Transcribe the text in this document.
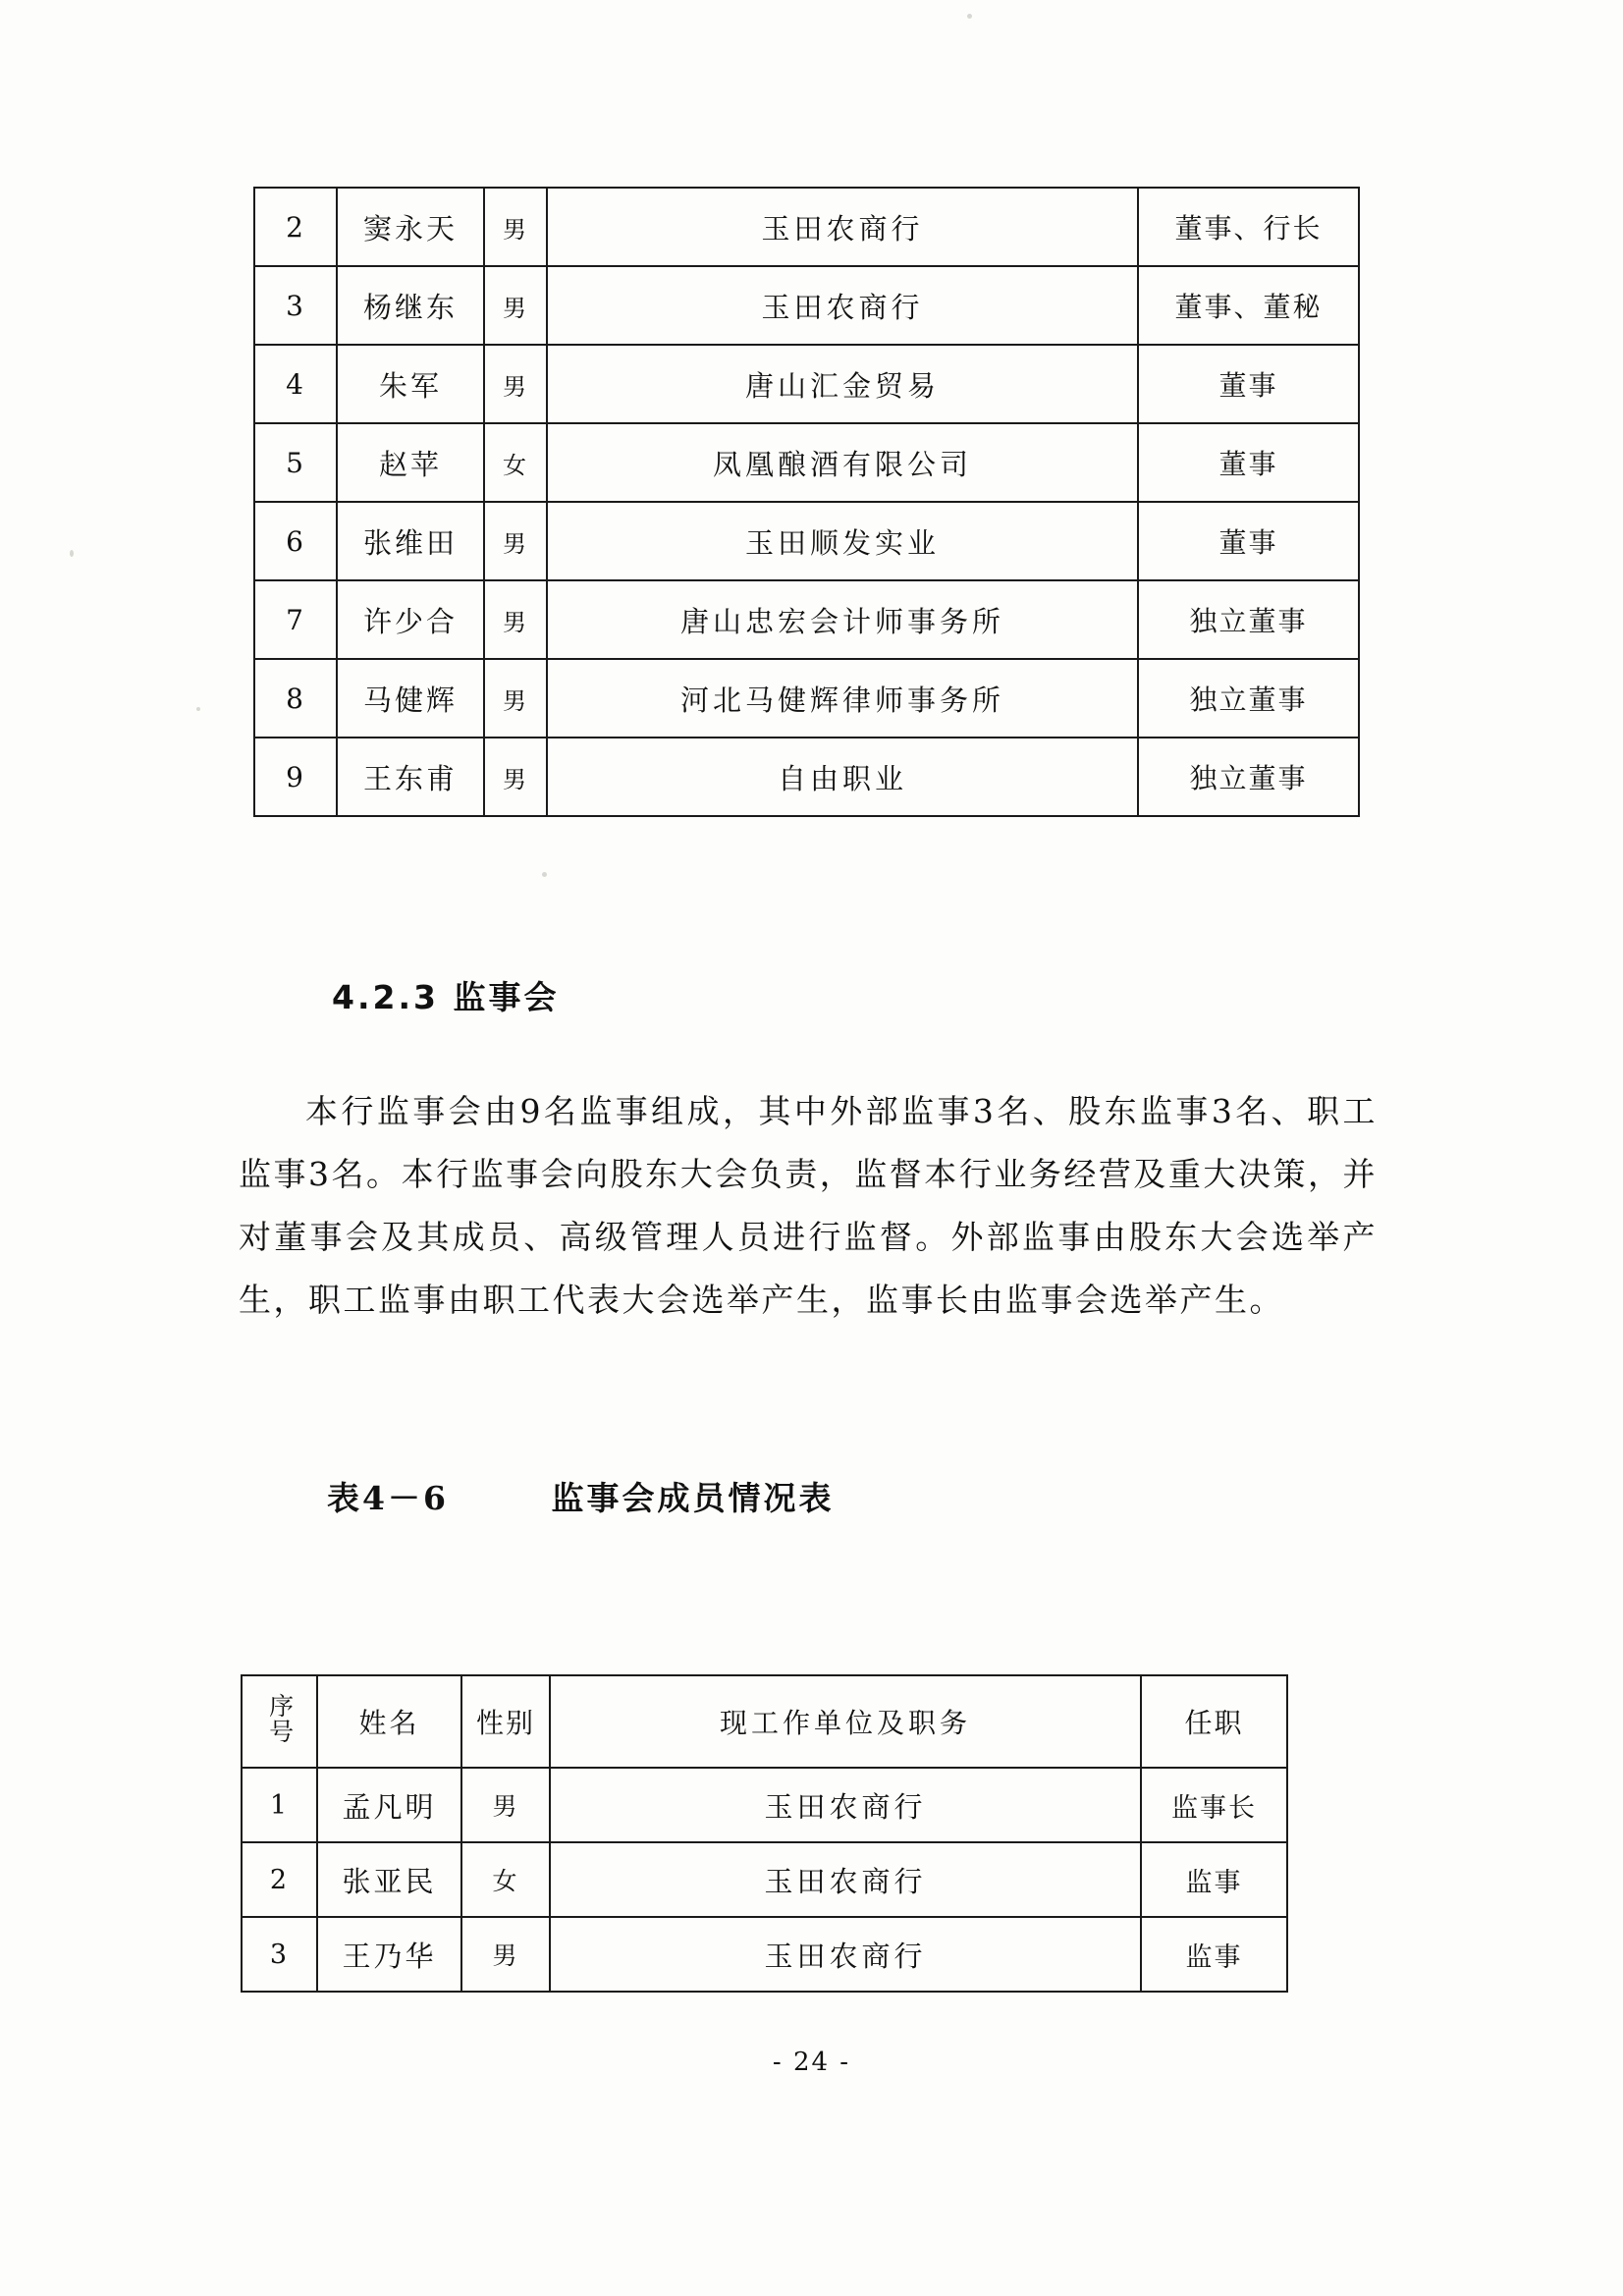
2	窦永天	男	玉田农商行	董事、行长
3	杨继东	男	玉田农商行	董事、董秘
4	朱军	男	唐山汇金贸易	董事
5	赵苹	女	凤凰酿酒有限公司	董事
6	张维田	男	玉田顺发实业	董事
7	许少合	男	唐山忠宏会计师事务所	独立董事
8	马健辉	男	河北马健辉律师事务所	独立董事
9	王东甫	男	自由职业	独立董事
4.2.3 监事会
本行监事会由9名监事组成，其中外部监事3名、股东监事3名、职工监事3名。本行监事会向股东大会负责，监督本行业务经营及重大决策，并对董事会及其成员、高级管理人员进行监督。外部监事由股东大会选举产生，职工监事由职工代表大会选举产生，监事长由监事会选举产生。
表4－6	监事会成员情况表
序号	姓名	性别	现工作单位及职务	任职
1	孟凡明	男	玉田农商行	监事长
2	张亚民	女	玉田农商行	监事
3	王乃华	男	玉田农商行	监事
- 24 -
